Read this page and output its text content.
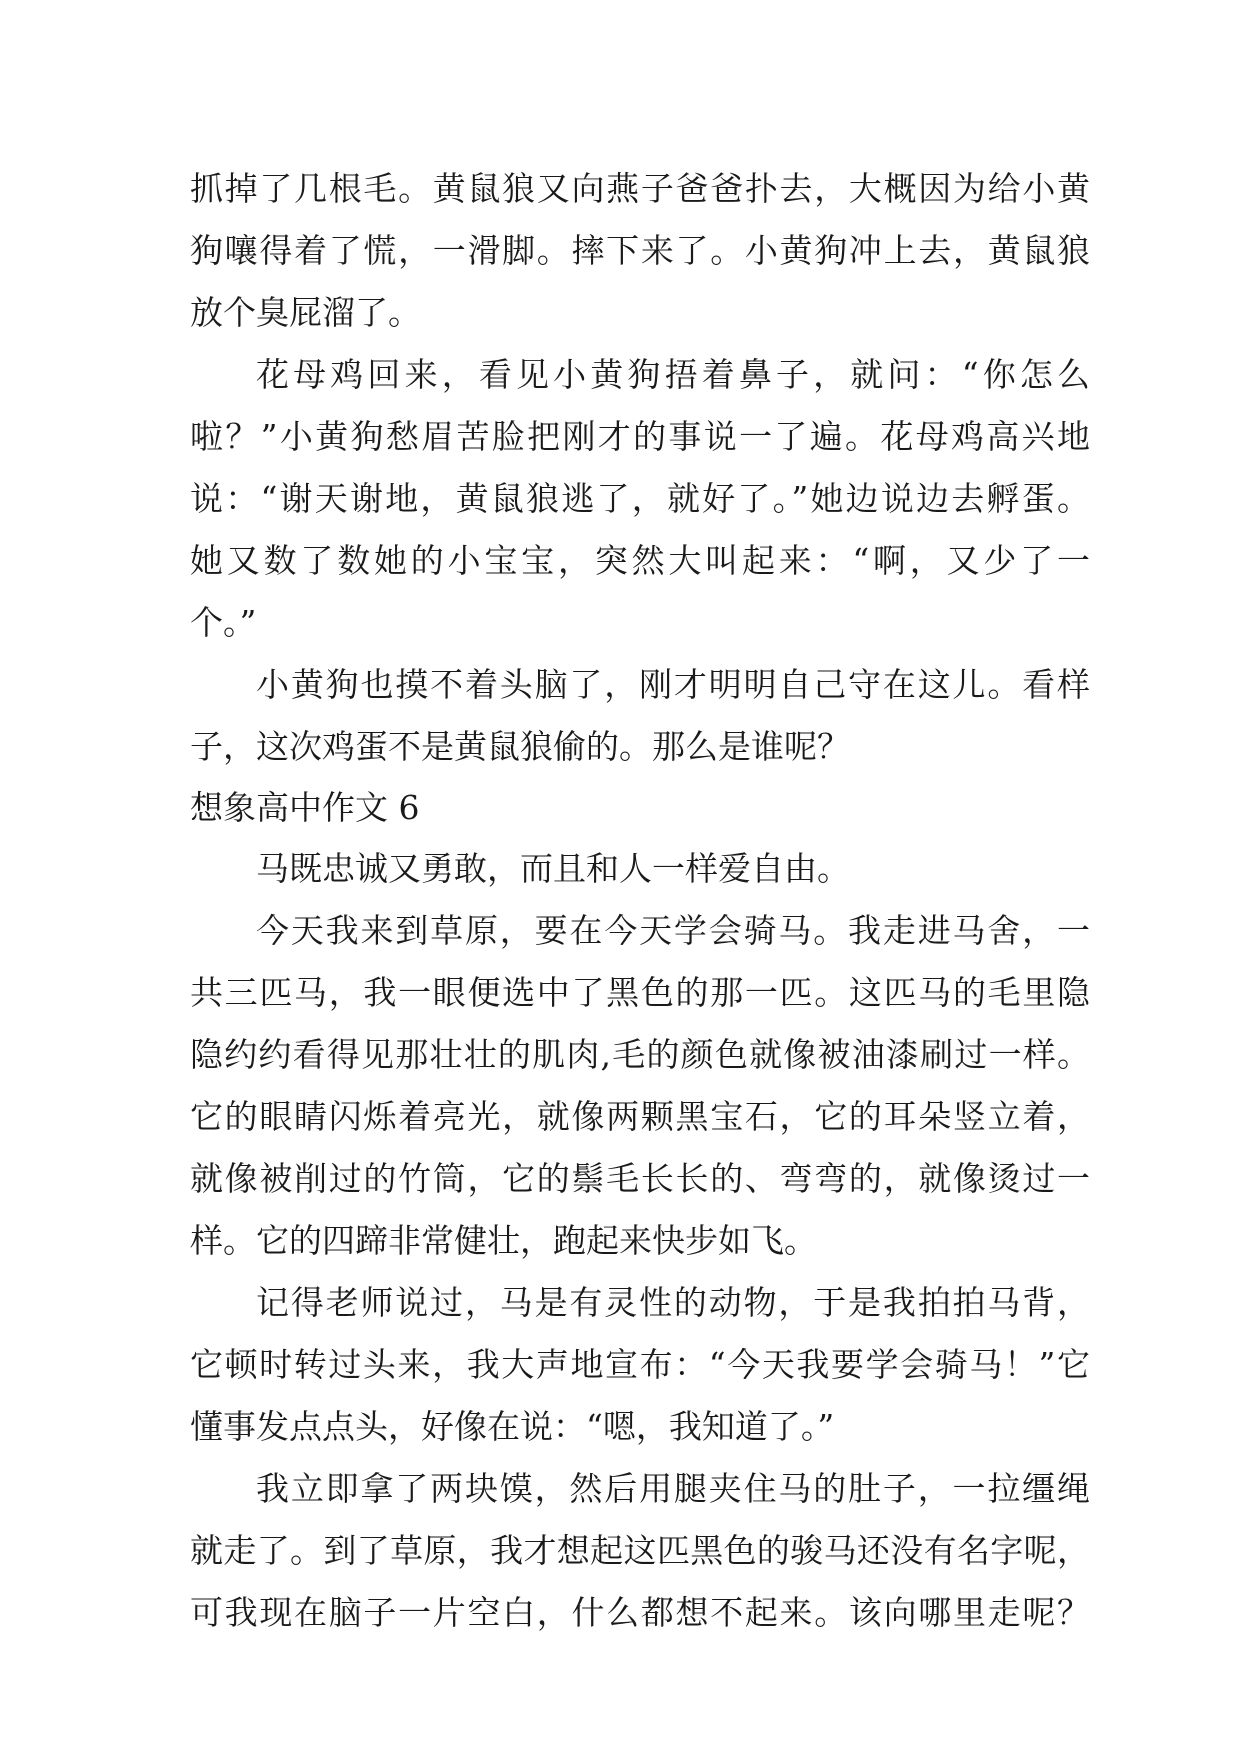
抓掉了几根毛。黄鼠狼又向燕子爸爸扑去，大概因为给小黄
狗嚷得着了慌，一滑脚。摔下来了。小黄狗冲上去，黄鼠狼
放个臭屁溜了。
花母鸡回来，看见小黄狗捂着鼻子，就问：“你怎么
啦？”小黄狗愁眉苦脸把刚才的事说一了遍。花母鸡高兴地
说：“谢天谢地，黄鼠狼逃了，就好了。”她边说边去孵蛋。
她又数了数她的小宝宝，突然大叫起来：“啊，又少了一
个。”
小黄狗也摸不着头脑了，刚才明明自己守在这儿。看样
子，这次鸡蛋不是黄鼠狼偷的。那么是谁呢？
想象高中作文 6
马既忠诚又勇敢，而且和人一样爱自由。
今天我来到草原，要在今天学会骑马。我走进马舍，一
共三匹马，我一眼便选中了黑色的那一匹。这匹马的毛里隐
隐约约看得见那壮壮的肌肉,毛的颜色就像被油漆刷过一样。
它的眼睛闪烁着亮光，就像两颗黑宝石，它的耳朵竖立着，
就像被削过的竹筒，它的鬃毛长长的、弯弯的，就像烫过一
样。它的四蹄非常健壮，跑起来快步如飞。
记得老师说过，马是有灵性的动物，于是我拍拍马背，
它顿时转过头来，我大声地宣布：“今天我要学会骑马！”它
懂事发点点头，好像在说：“嗯，我知道了。”
我立即拿了两块馍，然后用腿夹住马的肚子，一拉缰绳
就走了。到了草原，我才想起这匹黑色的骏马还没有名字呢，
可我现在脑子一片空白，什么都想不起来。该向哪里走呢？
